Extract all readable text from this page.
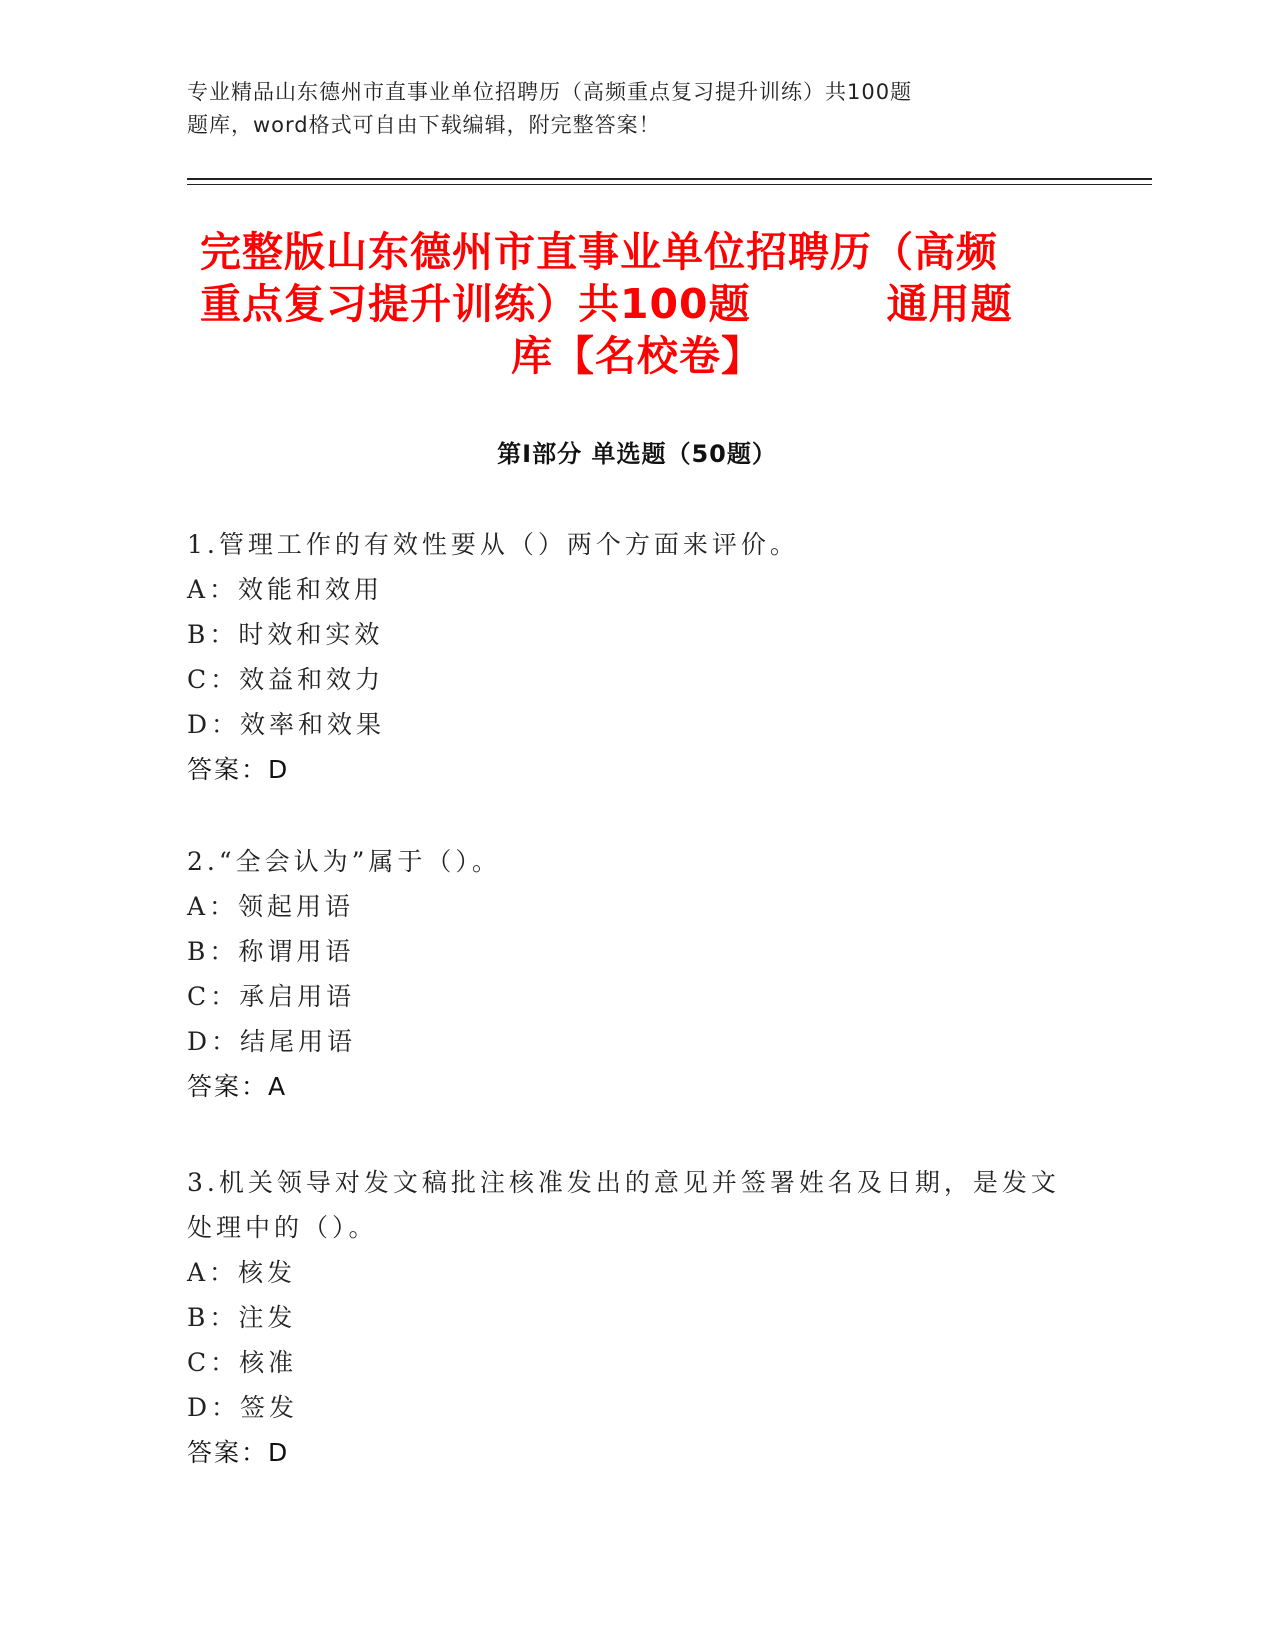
专业精品山东德州市直事业单位招聘历（高频重点复习提升训练）共100题
题库，word格式可自由下载编辑，附完整答案！
完整版山东德州市直事业单位招聘历（高频
重点复习提升训练）共100题	通用题
库【名校卷】
第Ⅰ部分 单选题（50题）
1.管理工作的有效性要从（）两个方面来评价。
A：效能和效用
B：时效和实效
C：效益和效力
D：效率和效果
答案：D
2.“全会认为”属于（）。
A：领起用语
B：称谓用语
C：承启用语
D：结尾用语
答案：A
3.机关领导对发文稿批注核准发出的意见并签署姓名及日期，是发文
处理中的（）。
A：核发
B：注发
C：核准
D：签发
答案：D
